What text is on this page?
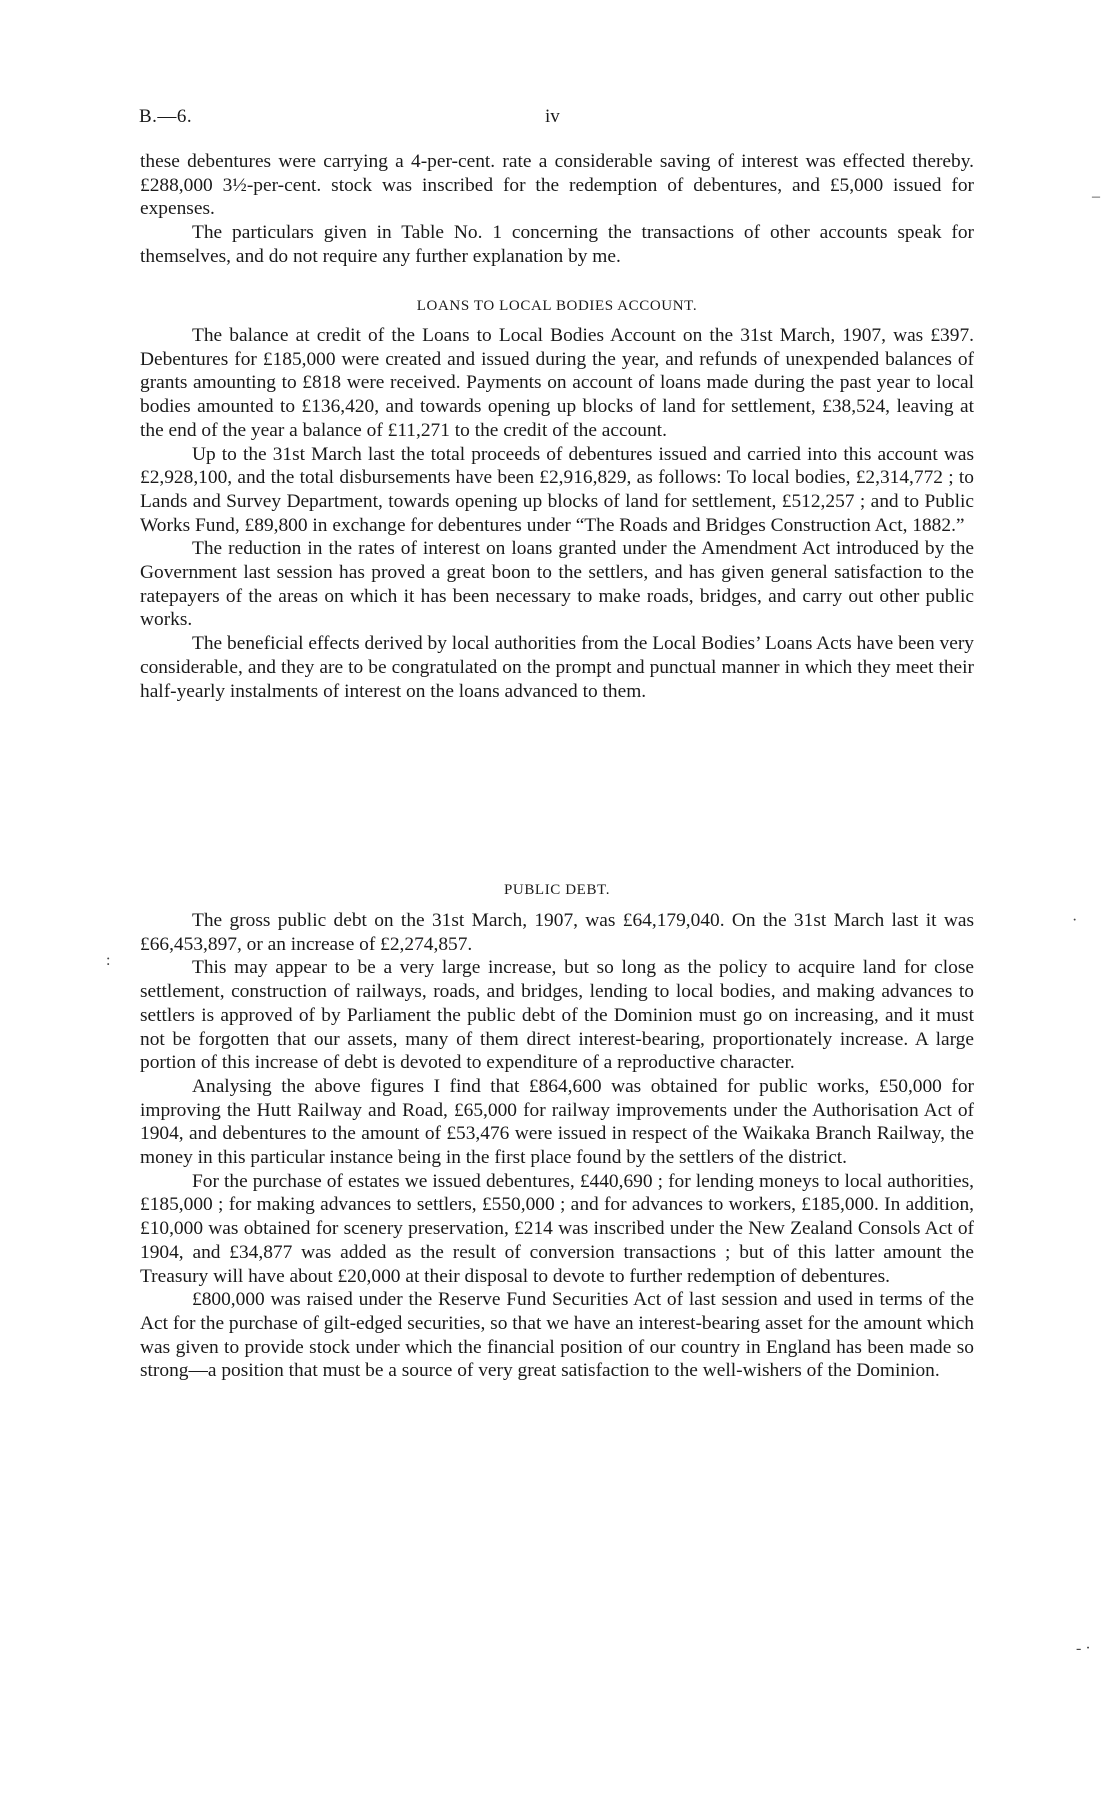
B.—6.	iv

these debentures were carrying a 4-per-cent. rate a considerable saving of interest was effected thereby. £288,000 3½-per-cent. stock was inscribed for the redemption of debentures, and £5,000 issued for expenses.

The particulars given in Table No. 1 concerning the transactions of other accounts speak for themselves, and do not require any further explanation by me.

LOANS TO LOCAL BODIES ACCOUNT.

The balance at credit of the Loans to Local Bodies Account on the 31st March, 1907, was £397. Debentures for £185,000 were created and issued during the year, and refunds of unexpended balances of grants amounting to £818 were received. Payments on account of loans made during the past year to local bodies amounted to £136,420, and towards opening up blocks of land for settlement, £38,524, leaving at the end of the year a balance of £11,271 to the credit of the account.

Up to the 31st March last the total proceeds of debentures issued and carried into this account was £2,928,100, and the total disbursements have been £2,916,829, as follows: To local bodies, £2,314,772 ; to Lands and Survey Department, towards opening up blocks of land for settlement, £512,257 ; and to Public Works Fund, £89,800 in exchange for debentures under “The Roads and Bridges Construction Act, 1882.”

The reduction in the rates of interest on loans granted under the Amendment Act introduced by the Government last session has proved a great boon to the settlers, and has given general satisfaction to the ratepayers of the areas on which it has been necessary to make roads, bridges, and carry out other public works.

The beneficial effects derived by local authorities from the Local Bodies’ Loans Acts have been very considerable, and they are to be congratulated on the prompt and punctual manner in which they meet their half-yearly instalments of interest on the loans advanced to them.

PUBLIC DEBT.

The gross public debt on the 31st March, 1907, was £64,179,040. On the 31st March last it was £66,453,897, or an increase of £2,274,857.

This may appear to be a very large increase, but so long as the policy to acquire land for close settlement, construction of railways, roads, and bridges, lending to local bodies, and making advances to settlers is approved of by Parliament the public debt of the Dominion must go on increasing, and it must not be forgotten that our assets, many of them direct interest-bearing, proportionately increase. A large portion of this increase of debt is devoted to expenditure of a reproductive character.

Analysing the above figures I find that £864,600 was obtained for public works, £50,000 for improving the Hutt Railway and Road, £65,000 for railway improvements under the Authorisation Act of 1904, and debentures to the amount of £53,476 were issued in respect of the Waikaka Branch Railway, the money in this particular instance being in the first place found by the settlers of the district.

For the purchase of estates we issued debentures, £440,690 ; for lending moneys to local authorities, £185,000 ; for making advances to settlers, £550,000 ; and for advances to workers, £185,000. In addition, £10,000 was obtained for scenery preservation, £214 was inscribed under the New Zealand Consols Act of 1904, and £34,877 was added as the result of conversion transactions ; but of this latter amount the Treasury will have about £20,000 at their disposal to devote to further redemption of debentures.

£800,000 was raised under the Reserve Fund Securities Act of last session and used in terms of the Act for the purchase of gilt-edged securities, so that we have an interest-bearing asset for the amount which was given to provide stock under which the financial position of our country in England has been made so strong—a position that must be a source of very great satisfaction to the well-wishers of the Dominion.

‒
·
:
- ·
